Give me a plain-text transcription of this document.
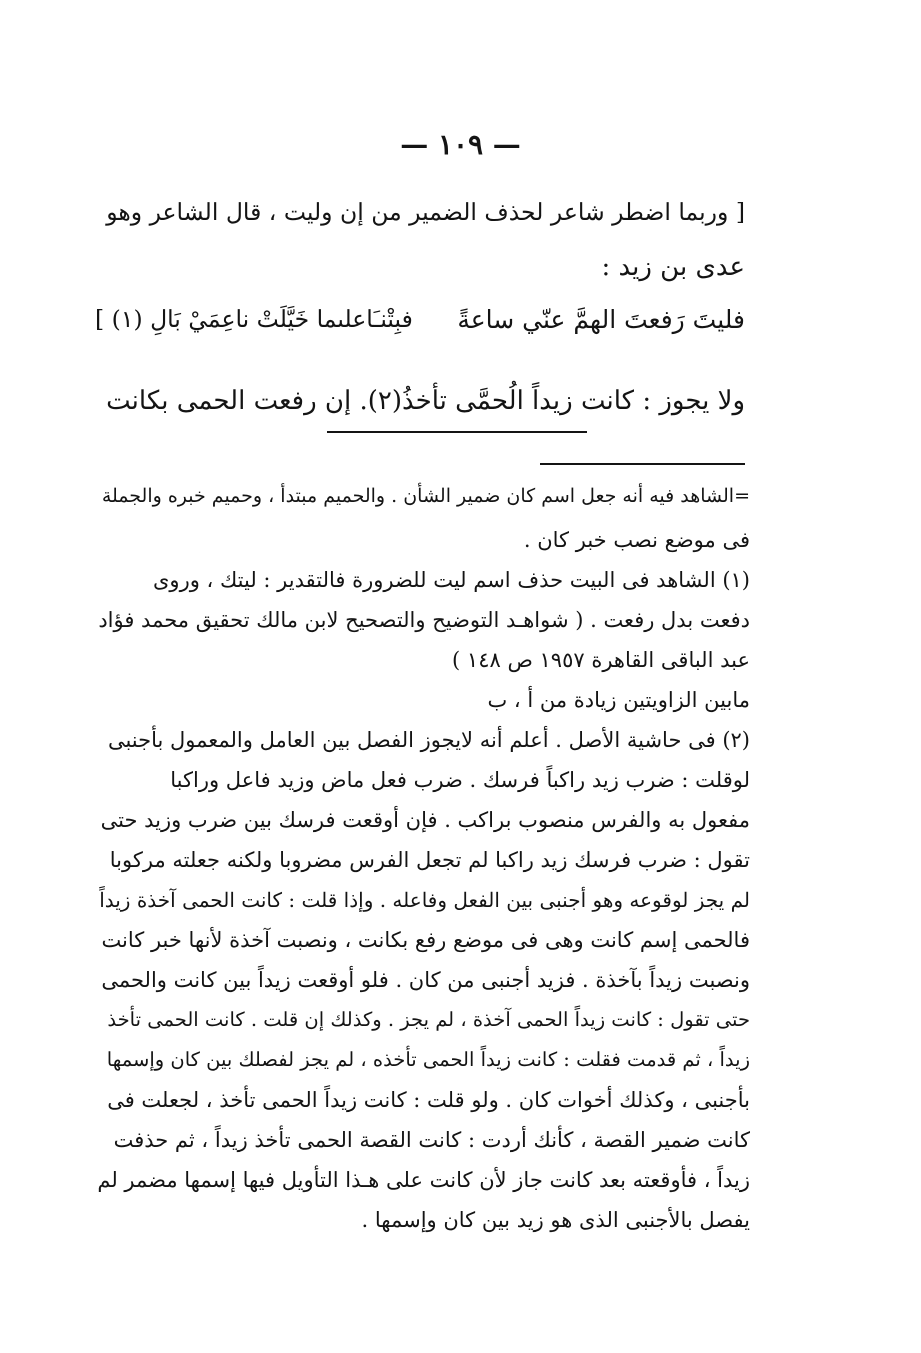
— ١٠٩ —
[ وربما اضطر شاعر لحذف الضمير من إن وليت ، قال الشاعر وهو
عدى بن زيد :
فليتَ رَفعتَ الهمَّ عنّي ساعةً
فبِتْنـَاعلىما خَيَّلَتْ ناعِمَيْ بَالِ (١) ]
ولا يجوز : كانت زيداً الُحمَّى تأخذُ(٢). إن رفعت الحمى بكانت
=الشاهد فيه أنه جعل اسم كان ضمير الشأن . والحميم مبتدأ ، وحميم خبره والجملة
فى موضع نصب خبر كان .
(١) الشاهد فى البيت حذف اسم ليت للضرورة فالتقدير : ليتك ، وروى
دفعت بدل رفعت . ( شواهـد التوضيح والتصحيح لابن مالك تحقيق محمد فؤاد
عبد الباقى القاهرة ١٩٥٧ ص ١٤٨ )
مابين الزاويتين زيادة من أ ، ب
(٢) فى حاشية الأصل . أعلم أنه لايجوز الفصل بين العامل والمعمول بأجنبى
لوقلت : ضرب زيد راكباً فرسك . ضرب فعل ماض وزيد فاعل وراكبا
مفعول به والفرس منصوب براكب . فإن أوقعت فرسك بين ضرب وزيد حتى
تقول : ضرب فرسك زيد راكبا لم تجعل الفرس مضروبا ولكنه جعلته مركوبا
لم يجز لوقوعه وهو أجنبى بين الفعل وفاعله . وإذا قلت : كانت الحمى آخذة زيداً
فالحمى إسم كانت وهى فى موضع رفع بكانت ، ونصبت آخذة لأنها خبر كانت
ونصبت زيداً بآخذة . فزيد أجنبى من كان . فلو أوقعت زيداً بين كانت والحمى
حتى تقول : كانت زيداً الحمى آخذة ، لم يجز . وكذلك إن قلت . كانت الحمى تأخذ
زيداً ، ثم قدمت فقلت : كانت زيداً الحمى تأخذه ، لم يجز لفصلك بين كان وإسمها
بأجنبى ، وكذلك أخوات كان . ولو قلت : كانت زيداً الحمى تأخذ ، لجعلت فى
كانت ضمير القصة ، كأنك أردت : كانت القصة الحمى تأخذ زيداً ، ثم حذفت
زيداً ، فأوقعته بعد كانت جاز لأن كانت على هـذا التأويل فيها إسمها مضمر لم
يفصل بالأجنبى الذى هو زيد بين كان وإسمها .
